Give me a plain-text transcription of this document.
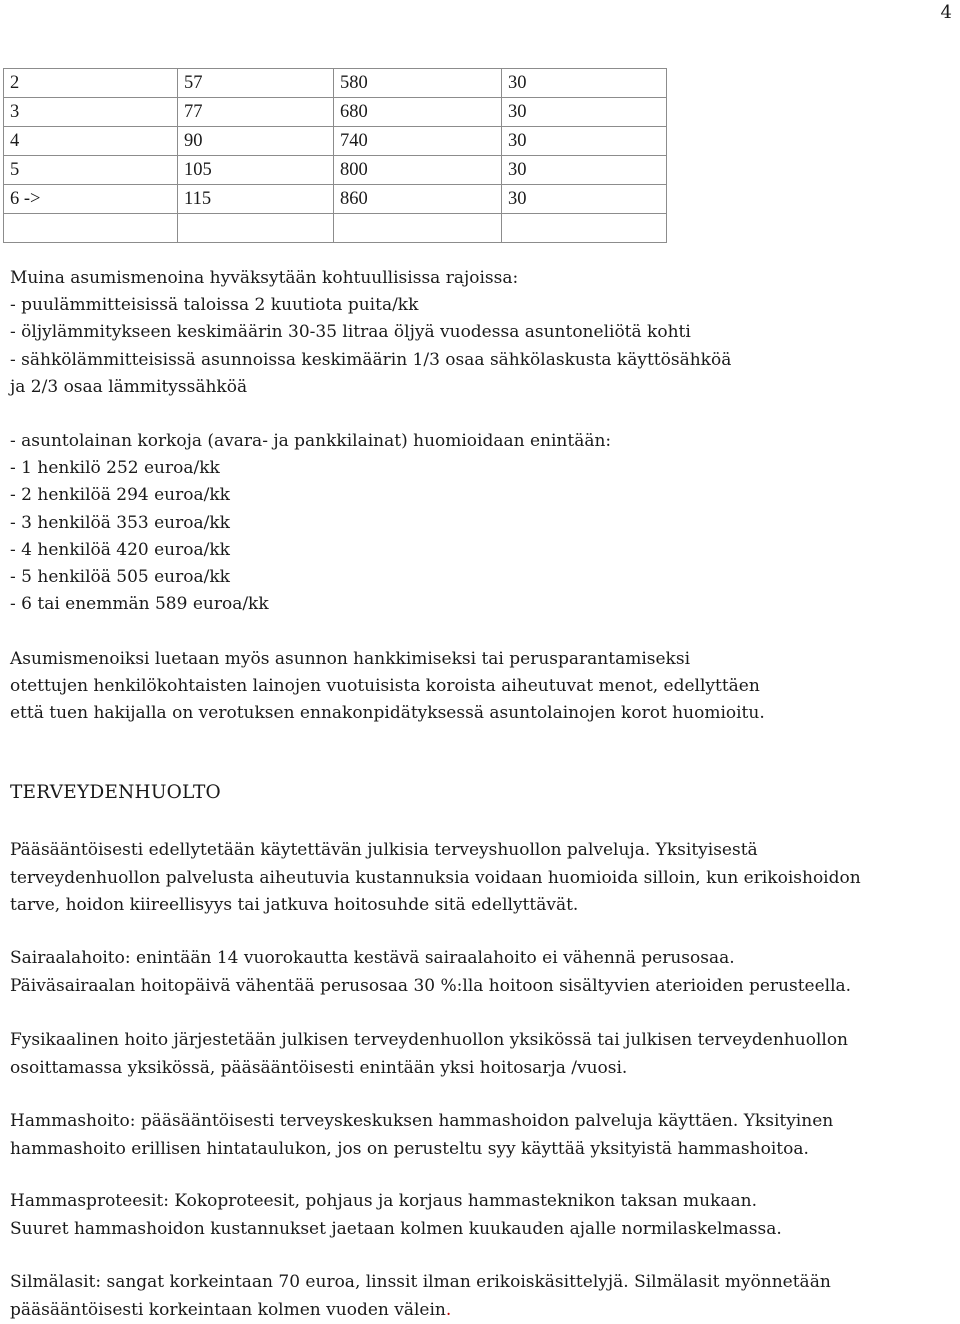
4
2	57	580	30
3	77	680	30
4	90	740	30
5	105	800	30
6 ->	115	860	30

Muina asumismenoina hyväksytään kohtuullisissa rajoissa:
- puulämmitteisissä taloissa 2 kuutiota puita/kk
- öljylämmitykseen keskimäärin 30-35 litraa öljyä vuodessa asuntoneliötä kohti
- sähkölämmitteisissä asunnoissa keskimäärin 1/3 osaa sähkölaskusta käyttösähköä
ja 2/3 osaa lämmityssähköä
- asuntolainan korkoja (avara- ja pankkilainat) huomioidaan enintään:
- 1 henkilö 252 euroa/kk
- 2 henkilöä 294 euroa/kk
- 3 henkilöä 353 euroa/kk
- 4 henkilöä 420 euroa/kk
- 5 henkilöä 505 euroa/kk
- 6 tai enemmän 589 euroa/kk
Asumismenoiksi luetaan myös asunnon hankkimiseksi tai perusparantamiseksi
otettujen henkilökohtaisten lainojen vuotuisista koroista aiheutuvat menot, edellyttäen
että tuen hakijalla on verotuksen ennakonpidätyksessä asuntolainojen korot huomioitu.
TERVEYDENHUOLTO
Pääsääntöisesti edellytetään käytettävän julkisia terveyshuollon palveluja. Yksityisestä
terveydenhuollon palvelusta aiheutuvia kustannuksia voidaan huomioida silloin, kun erikoishoidon
tarve, hoidon kiireellisyys tai jatkuva hoitosuhde sitä edellyttävät.
Sairaalahoito: enintään 14 vuorokautta kestävä sairaalahoito ei vähennä perusosaa.
Päiväsairaalan hoitopäivä vähentää perusosaa 30 %:lla hoitoon sisältyvien aterioiden perusteella.
Fysikaalinen hoito järjestetään julkisen terveydenhuollon yksikössä tai julkisen terveydenhuollon
osoittamassa yksikössä, pääsääntöisesti enintään yksi hoitosarja /vuosi.
Hammashoito: pääsääntöisesti terveyskeskuksen hammashoidon palveluja käyttäen. Yksityinen
hammashoito erillisen hintataulukon, jos on perusteltu syy käyttää yksityistä hammashoitoa.
Hammasproteesit: Kokoproteesit, pohjaus ja korjaus hammasteknikon taksan mukaan.
Suuret hammashoidon kustannukset jaetaan kolmen kuukauden ajalle normilaskelmassa.
Silmälasit: sangat korkeintaan 70 euroa, linssit ilman erikoiskäsittelyjä. Silmälasit myönnetään
pääsääntöisesti korkeintaan kolmen vuoden välein.
